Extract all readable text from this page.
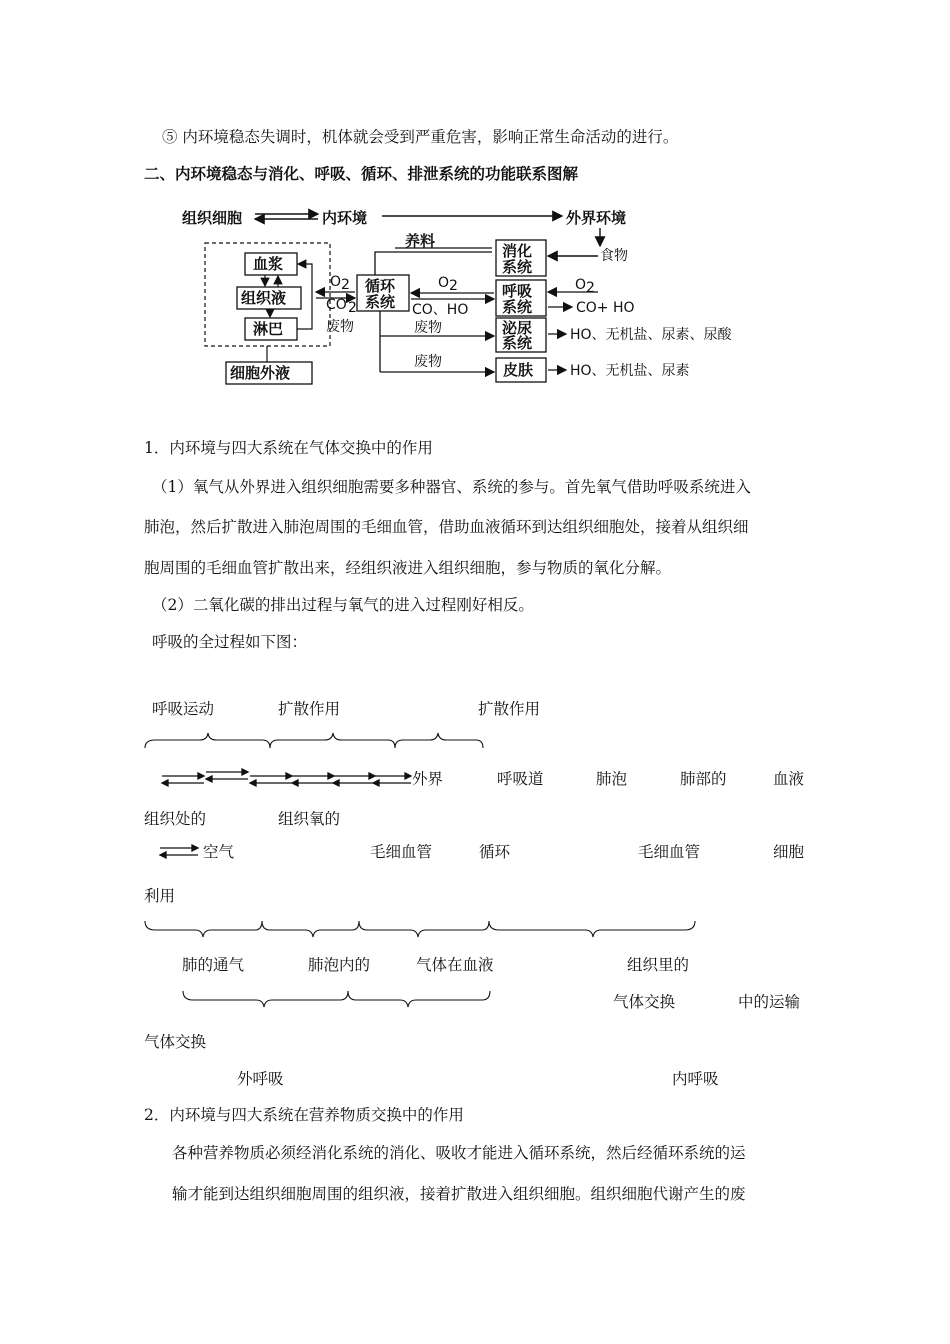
⑤ 内环境稳态失调时，机体就会受到严重危害，影响正常生命活动的进行。
二、内环境稳态与消化、呼吸、循环、排泄系统的功能联系图解
组织细胞	内环境	外界环境
食物
血浆
组织液
淋巴
细胞外液
O 2
CO 2
废物
循环
系统
养料
消化
系统
呼吸
系统
泌尿
系统
皮肤
O 2
CO、HO
废物
废物
O 2
CO+ HO
HO、无机盐、尿素、尿酸
HO、无机盐、尿素
1．内环境与四大系统在气体交换中的作用
（1）氧气从外界进入组织细胞需要多种器官、系统的参与。首先氧气借助呼吸系统进入
肺泡，然后扩散进入肺泡周围的毛细血管，借助血液循环到达组织细胞处，接着从组织细
胞周围的毛细血管扩散出来，经组织液进入组织细胞，参与物质的氧化分解。
（2）二氧化碳的排出过程与氧气的进入过程刚好相反。
呼吸的全过程如下图：
呼吸运动	扩散作用	扩散作用
外界	呼吸道	肺泡	肺部的	血液
组织处的	组织氧的
空气	毛细血管	循环	毛细血管	细胞
利用
肺的通气	肺泡内的	气体在血液	组织里的
气体交换	中的运输
气体交换
外呼吸	内呼吸
2．内环境与四大系统在营养物质交换中的作用
各种营养物质必须经消化系统的消化、吸收才能进入循环系统，然后经循环系统的运
输才能到达组织细胞周围的组织液，接着扩散进入组织细胞。组织细胞代谢产生的废
